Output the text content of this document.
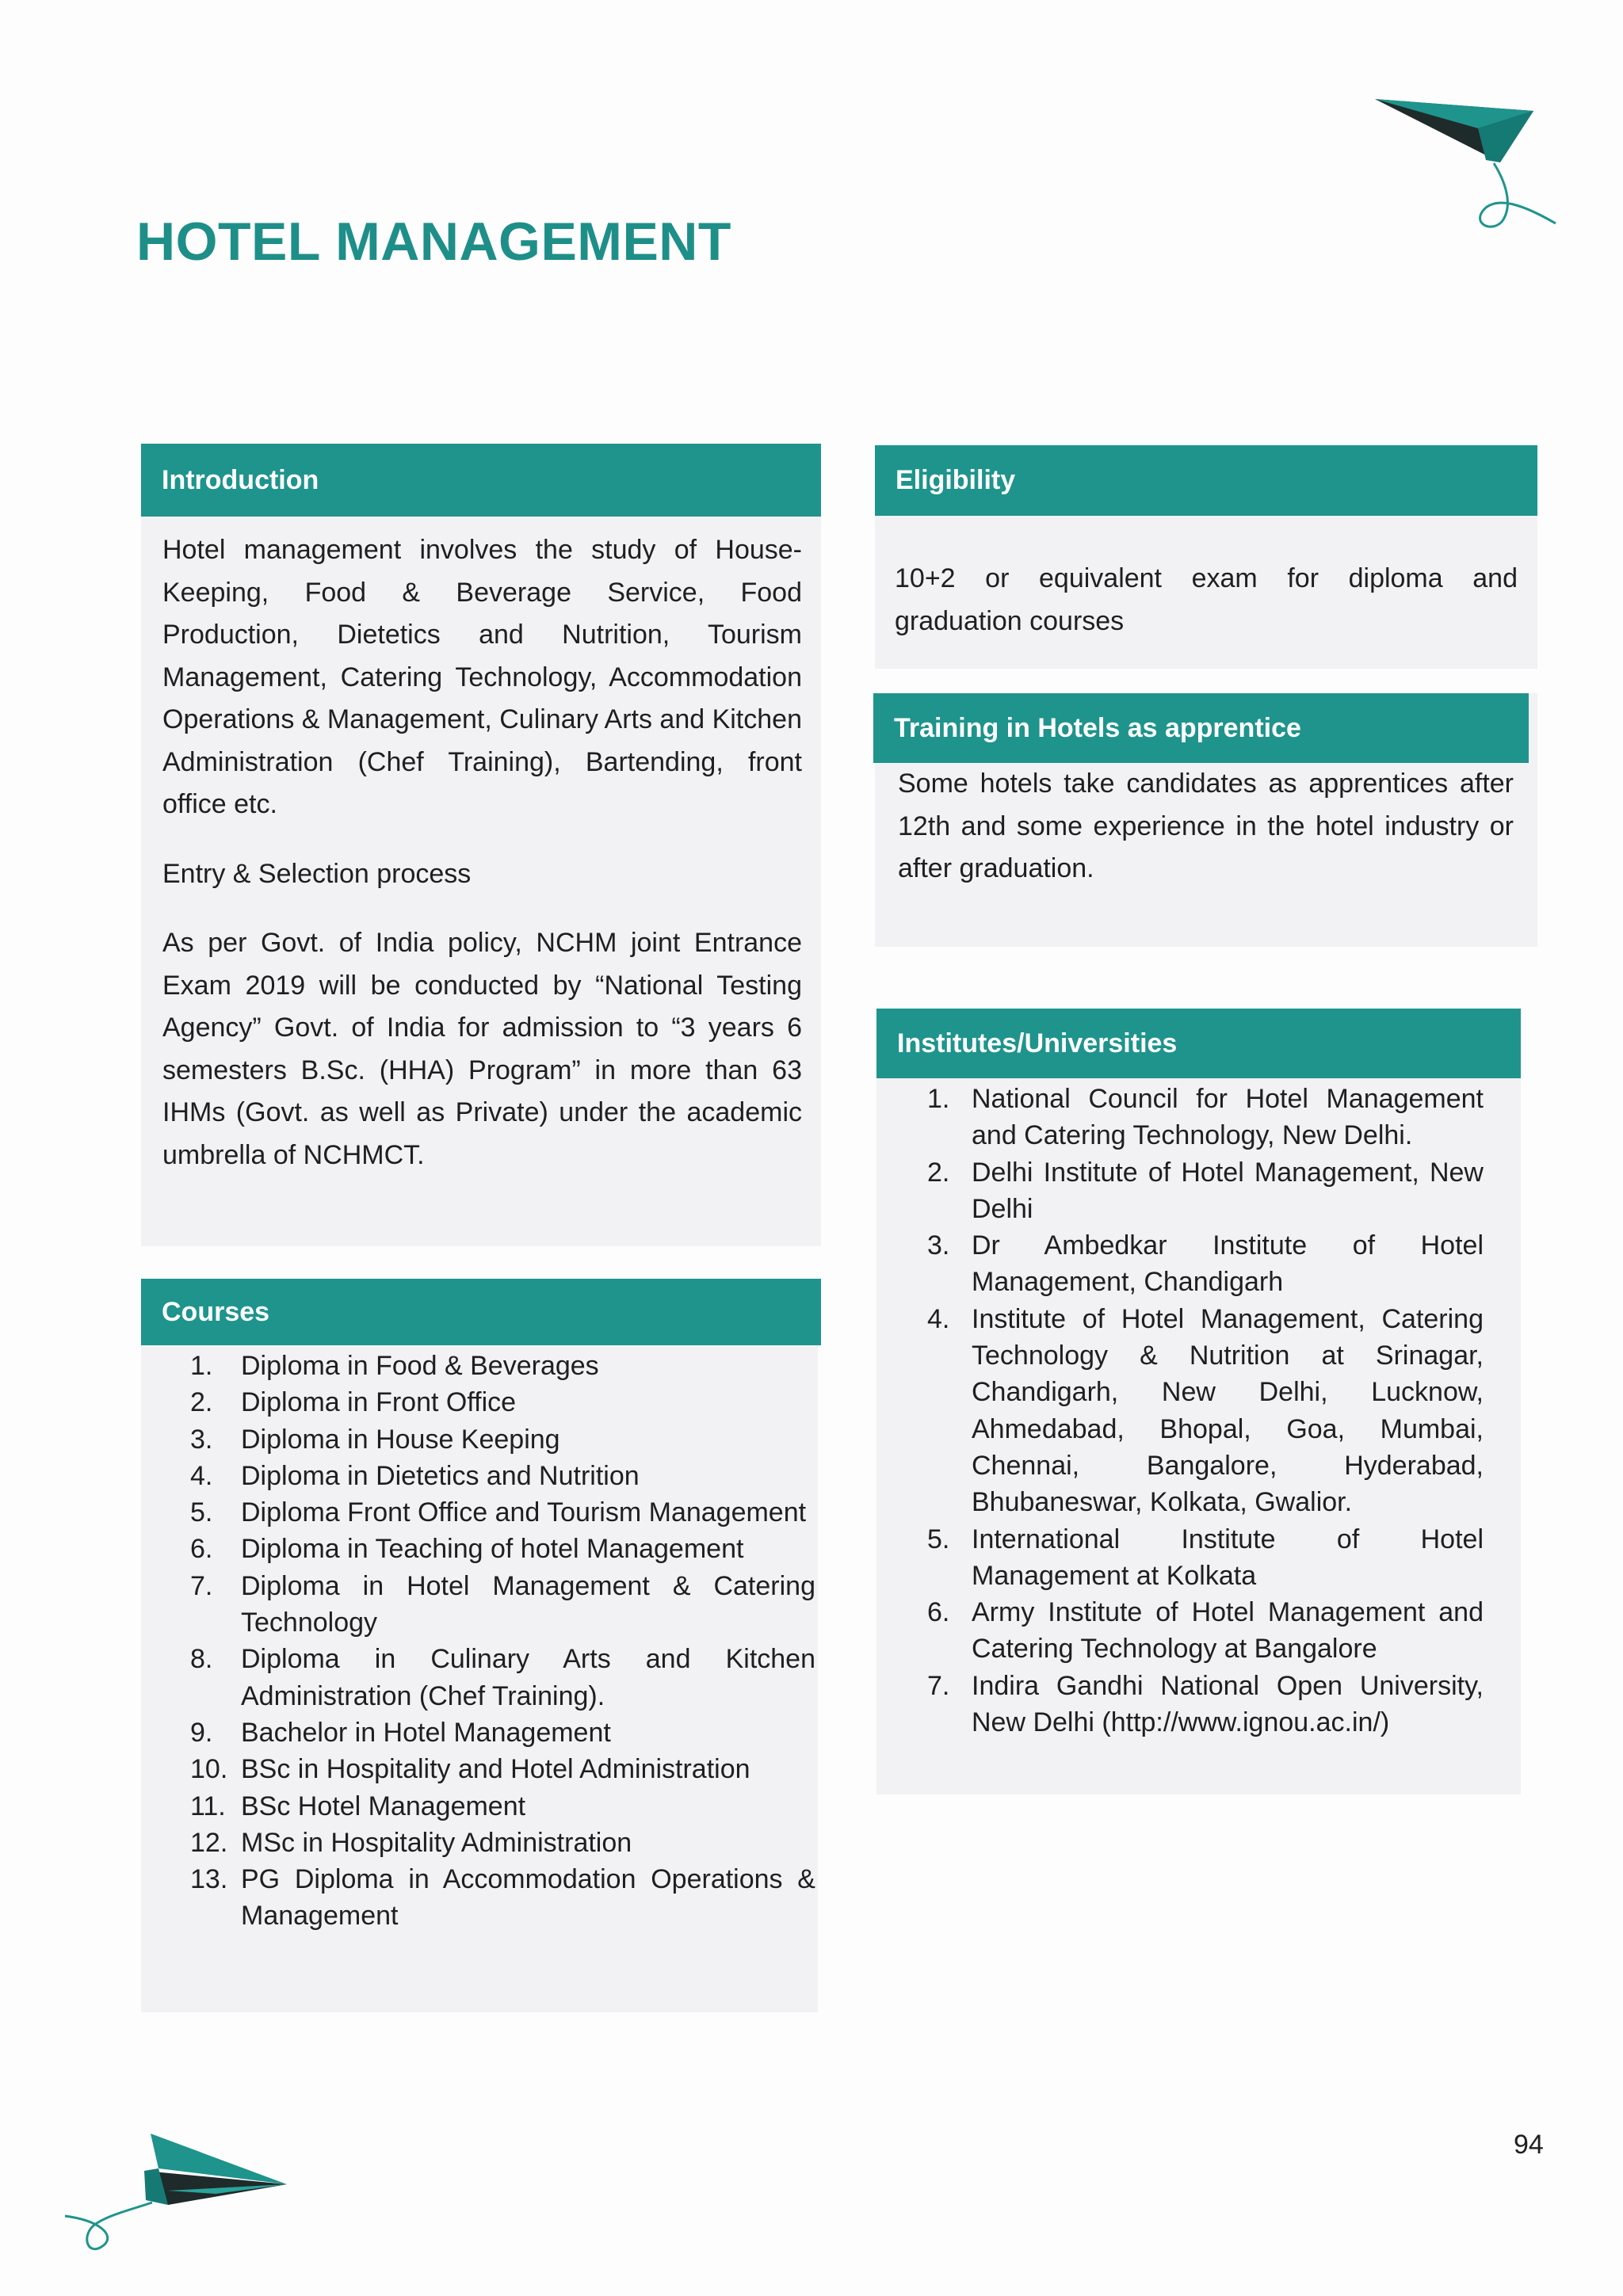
HOTEL MANAGEMENT
Introduction

Hotel management involves the study of House-Keeping, Food & Beverage Service, Food Production, Dietetics and Nutrition, Tourism Management, Catering Technology, Accommodation Operations & Management, Culinary Arts and Kitchen Administration (Chef Training), Bartending, front office etc.

Entry & Selection process

As per Govt. of India policy, NCHM joint Entrance Exam 2019 will be conducted by “National Testing Agency” Govt. of India for admission to “3 years 6 semesters B.Sc. (HHA) Program” in more than 63 IHMs (Govt. as well as Private) under the academic umbrella of NCHMCT.

Courses
1.	Diploma in Food & Beverages
2.	Diploma in Front Office
3.	Diploma in House Keeping
4.	Diploma in Dietetics and Nutrition
5.	Diploma Front Office and Tourism Management
6.	Diploma in Teaching of hotel Management
7.	Diploma in Hotel Management & Catering Technology
8.	Diploma in Culinary Arts and Kitchen Administration (Chef Training).
9.	Bachelor in Hotel Management
10. BSc in Hospitality and Hotel Administration
11. BSc Hotel Management
12. MSc in Hospitality Administration
13. PG Diploma in Accommodation Operations & Management
Eligibility
10+2 or equivalent exam for diploma and graduation courses
Training in Hotels as apprentice
Some hotels take candidates as apprentices after 12th and some experience in the hotel industry or after graduation.
Institutes/Universities
1. National Council for Hotel Management and Catering Technology, New Delhi.
2. Delhi Institute of Hotel Management, New Delhi
3. Dr Ambedkar Institute of Hotel Management, Chandigarh
4. Institute of Hotel Management, Catering Technology & Nutrition at Srinagar, Chandigarh, New Delhi, Lucknow, Ahmedabad, Bhopal, Goa, Mumbai, Chennai, Bangalore, Hyderabad, Bhubaneswar, Kolkata, Gwalior.
5. International Institute of Hotel Management at Kolkata
6. Army Institute of Hotel Management and Catering Technology at Bangalore
7. Indira Gandhi National Open University, New Delhi (http://www.ignou.ac.in/)
94
